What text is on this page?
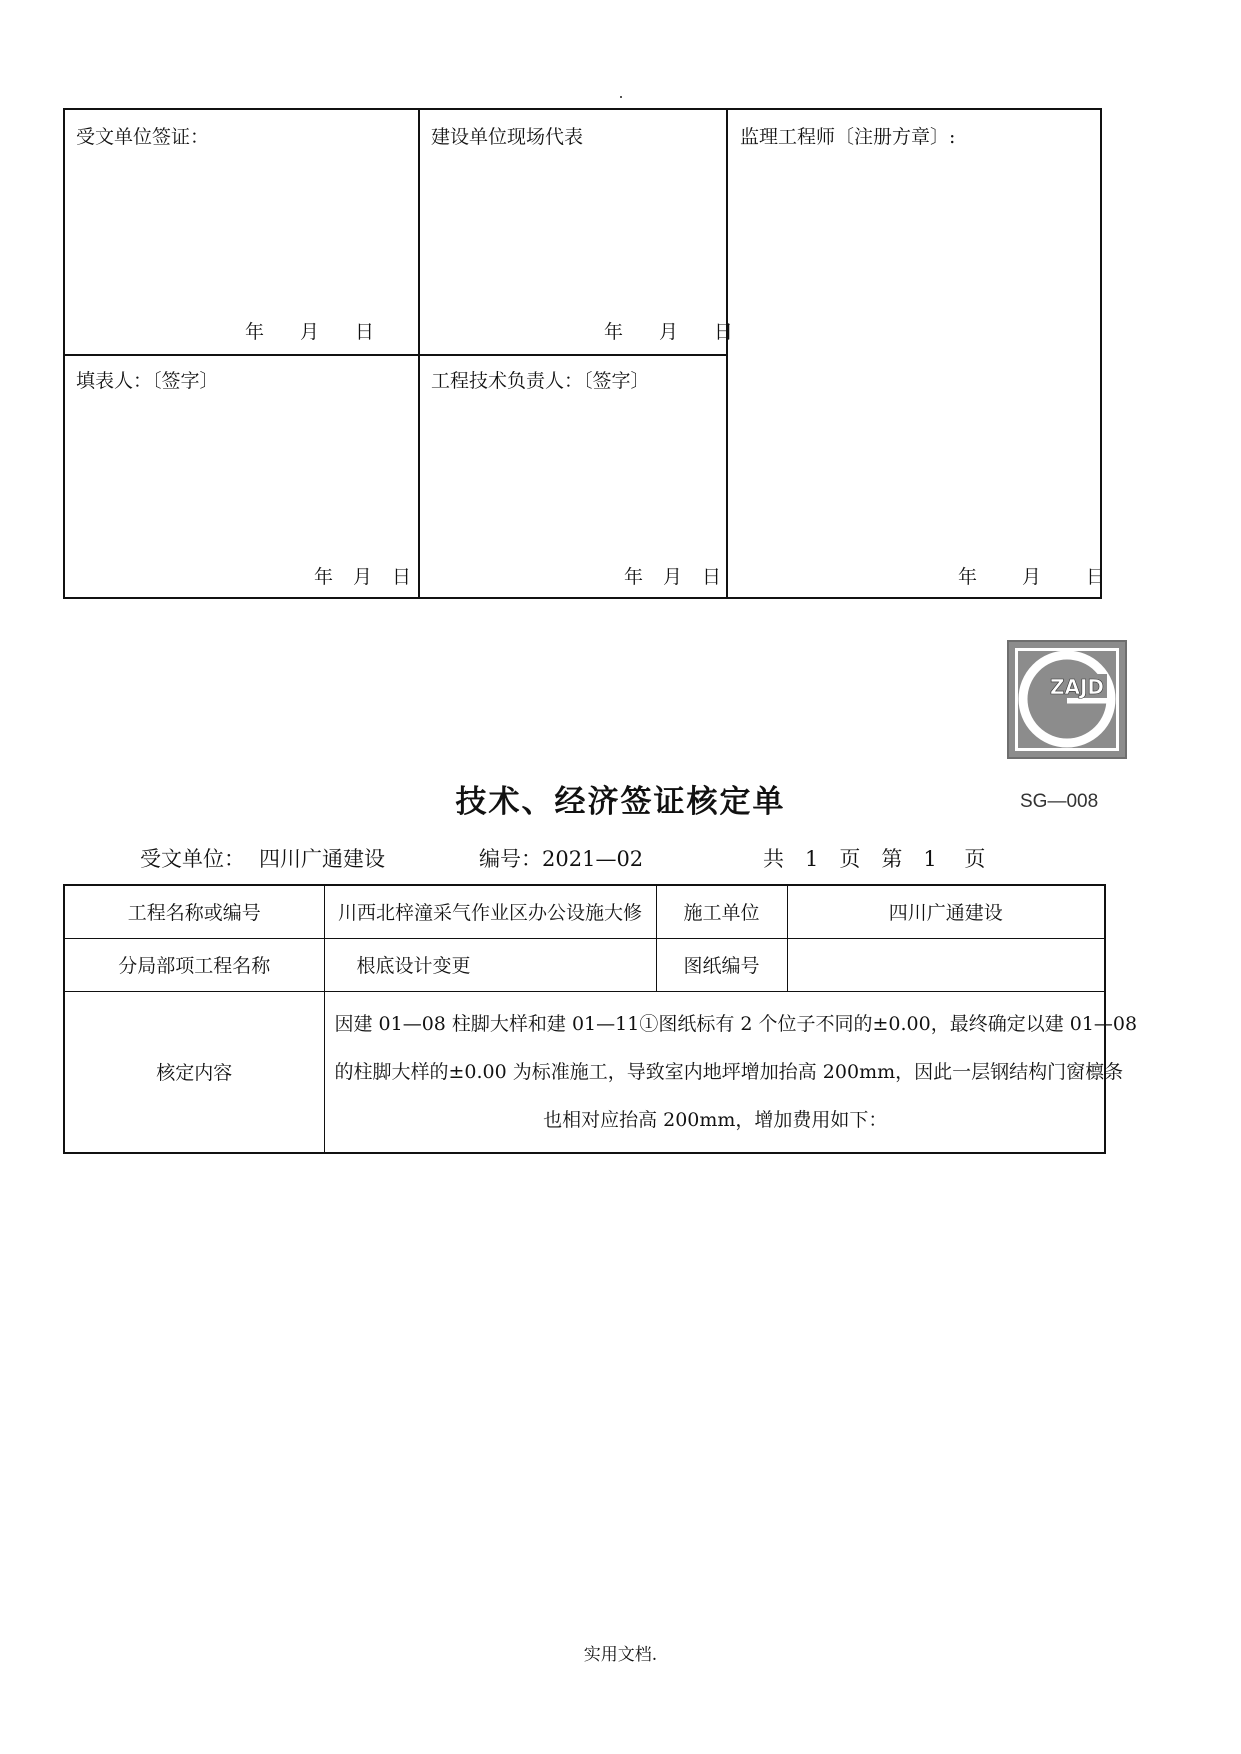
受文单位签证：
年 月 日
建设单位现场代表
年 月 日
监理工程师〔注册方章〕:
年 月 日
填表人：〔签字〕
年 月 日
工程技术负责人：〔签字〕
年 月 日
ZAJD
技术、经济签证核定单	SG—008
受文单位： 四川广通建设	编号：2021—02	共　1　页　第　1　 页
工程名称或编号	川西北梓潼采气作业区办公设施大修	施工单位	四川广通建设
分局部项工程名称	根底设计变更	图纸编号	
核定内容	因建 01—08 柱脚大样和建 01—11①图纸标有 2 个位子不同的±0.00，最终确定以建 01—08
的柱脚大样的±0.00 为标准施工，导致室内地坪增加抬高 200mm，因此一层钢结构门窗檩条
也相对应抬高 200mm，增加费用如下：		
实用文档.
